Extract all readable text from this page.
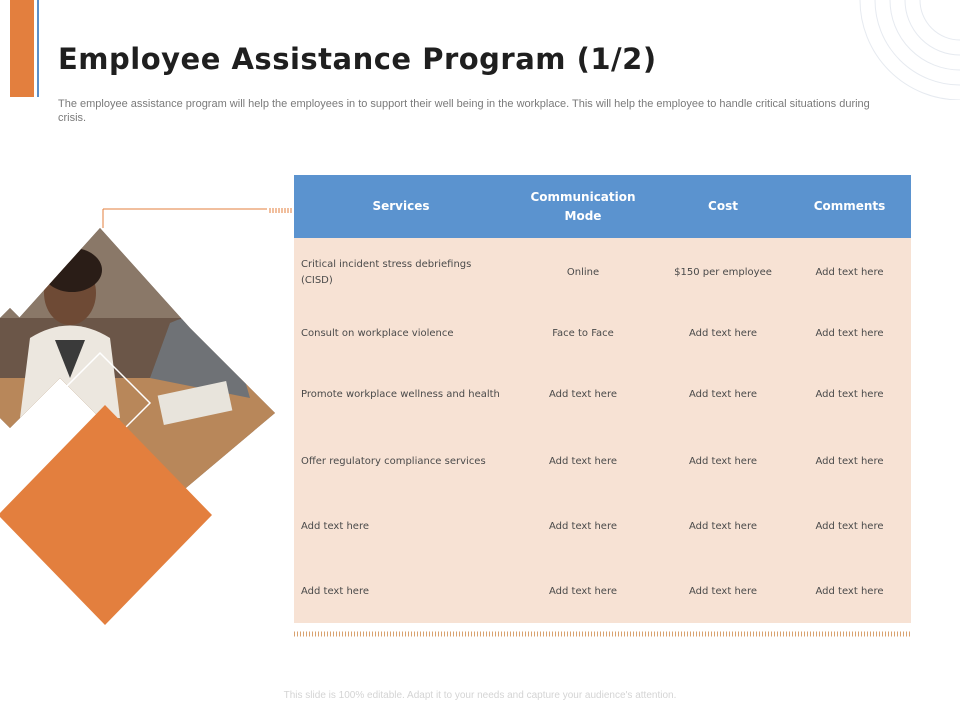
Employee Assistance Program (1/2)

The employee assistance program will help the employees in to support their well being in the workplace. This will help the employee to handle critical situations during crisis.

Services	Communication Mode	Cost	Comments
Critical incident stress debriefings (CISD)	Online	$150 per employee	Add text here
Consult on workplace violence	Face to Face	Add text here	Add text here
Promote workplace wellness and health	Add text here	Add text here	Add text here
Offer regulatory compliance services	Add text here	Add text here	Add text here
Add text here	Add text here	Add text here	Add text here
Add text here	Add text here	Add text here	Add text here
This slide is 100% editable. Adapt it to your needs and capture your audience's attention.
